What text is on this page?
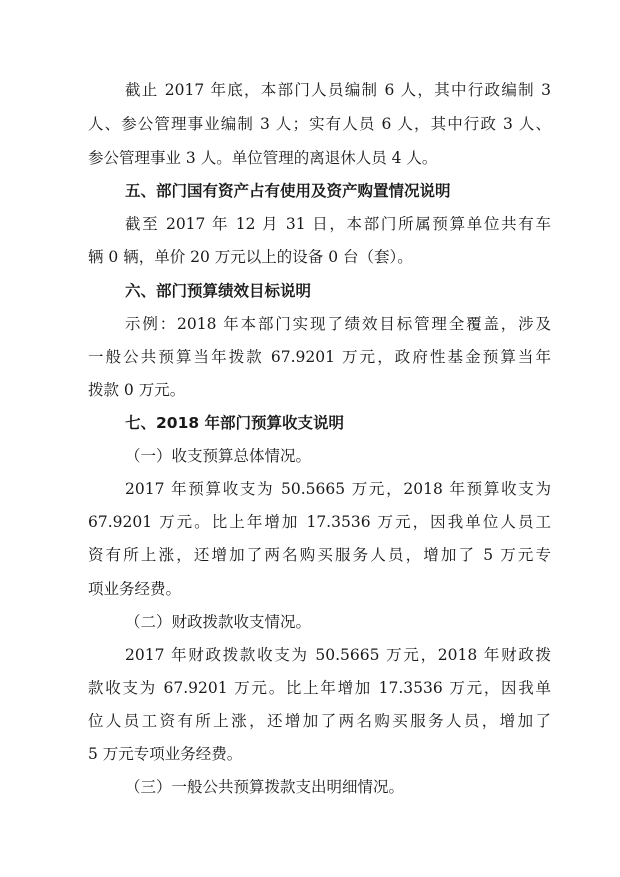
截止 2017 年底，本部门人员编制 6 人，其中行政编制 3
人、参公管理事业编制 3 人；实有人员 6 人，其中行政 3 人、
参公管理事业 3 人。单位管理的离退休人员 4 人。
五、部门国有资产占有使用及资产购置情况说明
截至 2017 年 12 月 31 日，本部门所属预算单位共有车
辆 0 辆，单价 20 万元以上的设备 0 台（套）。
六、部门预算绩效目标说明
示例：2018 年本部门实现了绩效目标管理全覆盖，涉及
一般公共预算当年拨款 67.9201 万元，政府性基金预算当年
拨款 0 万元。
七、2018 年部门预算收支说明
（一）收支预算总体情况。
2017 年预算收支为 50.5665 万元，2018 年预算收支为
67.9201 万元。比上年增加 17.3536 万元，因我单位人员工
资有所上涨，还增加了两名购买服务人员，增加了 5 万元专
项业务经费。
（二）财政拨款收支情况。
2017 年财政拨款收支为 50.5665 万元，2018 年财政拨
款收支为 67.9201 万元。比上年增加 17.3536 万元，因我单
位人员工资有所上涨，还增加了两名购买服务人员，增加了
5 万元专项业务经费。
（三）一般公共预算拨款支出明细情况。
